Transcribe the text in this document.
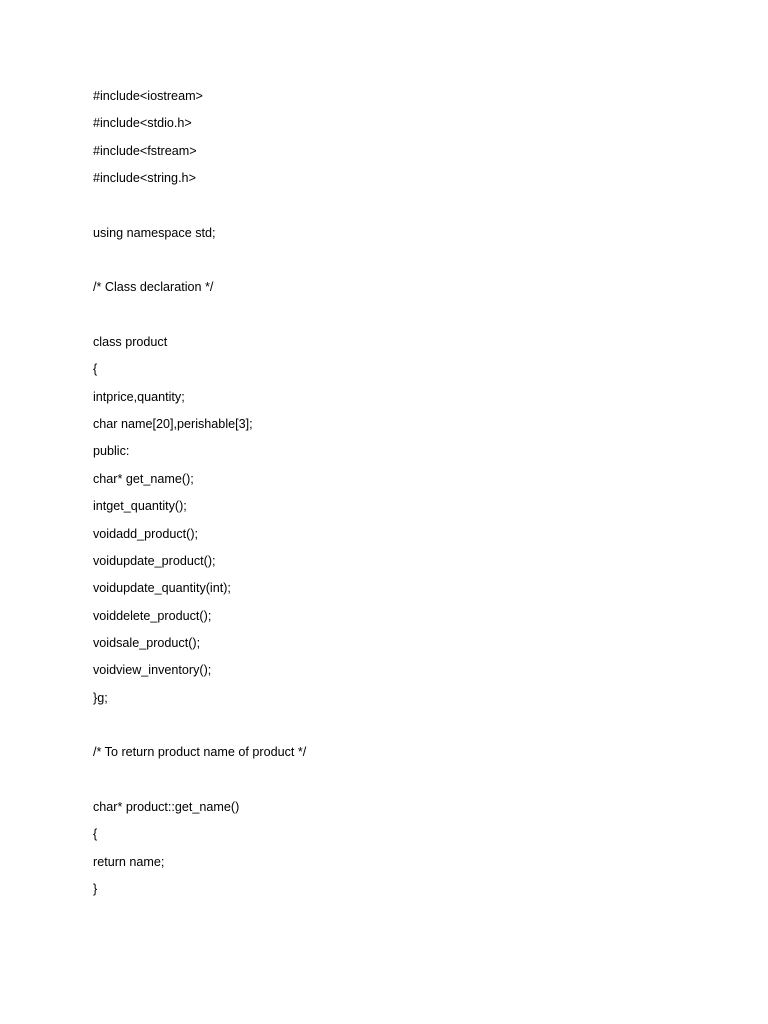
#include<iostream>
#include<stdio.h>
#include<fstream>
#include<string.h>
using namespace std;
/* Class declaration */
class product
{
intprice,quantity;
char name[20],perishable[3];
public:
char* get_name();
intget_quantity();
voidadd_product();
voidupdate_product();
voidupdate_quantity(int);
voiddelete_product();
voidsale_product();
voidview_inventory();
}g;
/* To return product name of product */
char* product::get_name()
{
return name;
}
